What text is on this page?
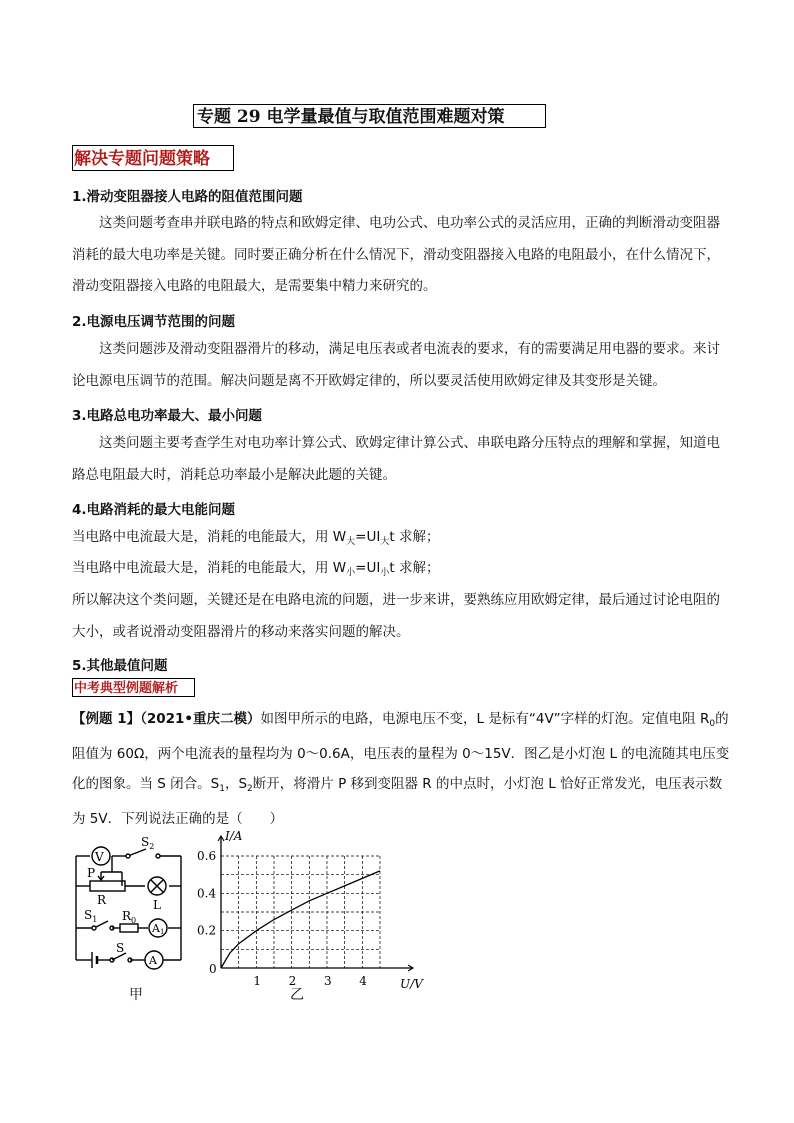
专题 29 电学量最值与取值范围难题对策
解决专题问题策略
1.滑动变阻器接人电路的阻值范围问题
这类问题考查串并联电路的特点和欧姆定律、电功公式、电功率公式的灵活应用，正确的判断滑动变阻器消耗的最大电功率是关键。同时要正确分析在什么情况下，滑动变阻器接入电路的电阻最小，在什么情况下，滑动变阻器接入电路的电阻最大，是需要集中精力来研究的。
2.电源电压调节范围的问题
这类问题涉及滑动变阻器滑片的移动，满足电压表或者电流表的要求，有的需要满足用电器的要求。来讨论电源电压调节的范围。解决问题是离不开欧姆定律的，所以要灵活使用欧姆定律及其变形是关键。
3.电路总电功率最大、最小问题
这类问题主要考查学生对电功率计算公式、欧姆定律计算公式、串联电路分压特点的理解和掌握，知道电路总电阻最大时，消耗总功率最小是解决此题的关键。
4.电路消耗的最大电能问题
当电路中电流最大是，消耗的电能最大，用 $W_大=UI_大t$ 求解；
当电路中电流最大是，消耗的电能最大，用 $W_小=UI_小t$ 求解；
所以解决这个类问题，关键还是在电路电流的问题，进一步来讲，要熟练应用欧姆定律，最后通过讨论电阻的大小，或者说滑动变阻器滑片的移动来落实问题的解决。
5.其他最值问题
中考典型例题解析
【例题 1】（2021•重庆二模）如图甲所示的电路，电源电压不变，L 是标有“4V”字样的灯泡。定值电阻 $R_0$的阻值为 60Ω，两个电流表的量程均为 0～0.6A，电压表的量程为 0～15V．图乙是小灯泡 L 的电流随其电压变化的图象。当 S 闭合。$S_1$，$S_2$断开，将滑片 P 移到变阻器 R 的中点时，小灯泡 L 恰好正常发光，电压表示数为 5V．下列说法正确的是（　　）
V
$S_2$
P
R	L
$S_1$ $R_0$
A1
S
A
甲
1 2 3 4
0.2
0.4
0.6
0
U/V
I/A
乙
